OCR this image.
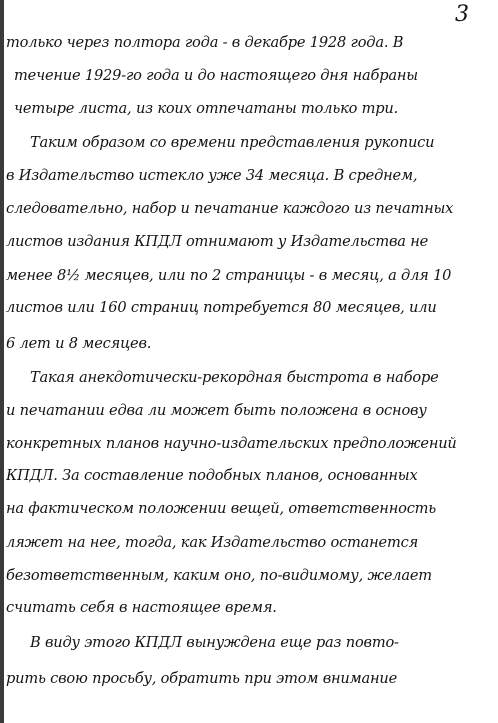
3
только через полтора года - в декабре 1928 года. В
течение 1929-го года и до настоящего дня набраны
четыре листа, из коих отпечатаны только три.
Таким образом со времени представления рукописи
в Издательство истекло уже 34 месяца. В среднем,
следовательно, набор и печатание каждого из печатных
листов издания КПДЛ отнимают у Издательства не
менее 8½ месяцев, или по 2 страницы - в месяц, а для 10
листов или 160 страниц потребуется 80 месяцев, или
6 лет и 8 месяцев.
Такая анекдотически-рекордная быстрота в наборе
и печатании едва ли может быть положена в основу
конкретных планов научно-издательских предположений
КПДЛ. За составление подобных планов, основанных
на фактическом положении вещей, ответственность
ляжет на нее, тогда, как Издательство останется
безответственным, каким оно, по-видимому, желает
считать себя в настоящее время.
В виду этого КПДЛ вынуждена еще раз повто-
рить свою просьбу, обратить при этом внимание
